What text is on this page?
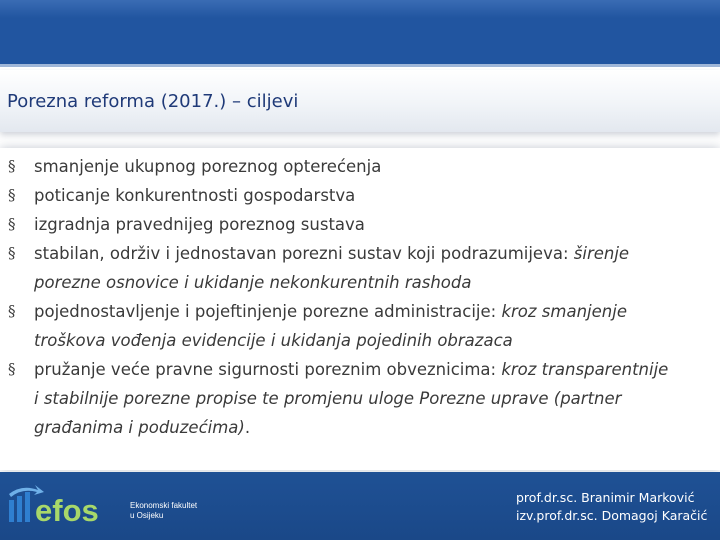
Porezna reforma (2017.) – ciljevi
§ smanjenje ukupnog poreznog opterećenja
§ poticanje konkurentnosti gospodarstva
§ izgradnja pravednijeg poreznog sustava
§ stabilan, održiv i jednostavan porezni sustav koji podrazumijeva: širenje
porezne osnovice i ukidanje nekonkurentnih rashoda
§ pojednostavljenje i pojeftinjenje porezne administracije: kroz smanjenje
troškova vođenja evidencije i ukidanja pojedinih obrazaca
§ pružanje veće pravne sigurnosti poreznim obveznicima: kroz transparentnije
i stabilnije porezne propise te promjenu uloge Porezne uprave (partner
građanima i poduzećima).
efos	Ekonomski fakultet
u Osijeku
prof.dr.sc. Branimir Marković
izv.prof.dr.sc. Domagoj Karačić
